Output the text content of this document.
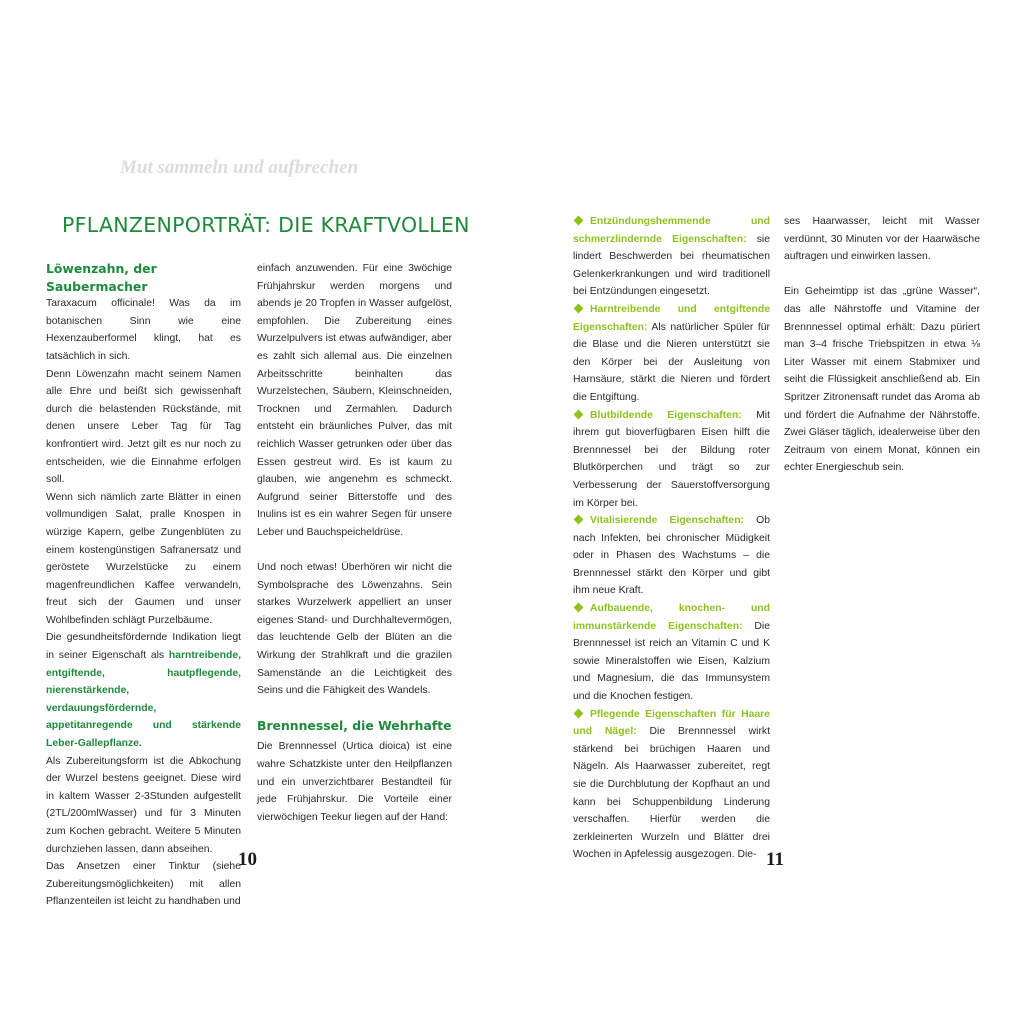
Mut sammeln und aufbrechen
PFLANZENPORTRÄT: DIE KRAFTVOLLEN
Löwenzahn, der Saubermacher

Taraxacum officinale! Was da im botanischen Sinn wie eine Hexenzauberformel klingt, hat es tatsächlich in sich.

Denn Löwenzahn macht seinem Namen alle Ehre und beißt sich gewissenhaft durch die belastenden Rückstände, mit denen unsere Leber Tag für Tag konfrontiert wird. Jetzt gilt es nur noch zu entscheiden, wie die Einnahme erfolgen soll.

Wenn sich nämlich zarte Blätter in einen vollmundigen Salat, pralle Knospen in würzige Kapern, gelbe Zungenblüten zu einem kostengünstigen Safranersatz und geröstete Wurzelstücke zu einem magenfreundlichen Kaffee verwandeln, freut sich der Gaumen und unser Wohlbefinden schlägt Purzelbäume.

Die gesundheitsfördernde Indikation liegt in seiner Eigenschaft als harntreibende, entgiftende, hautpflegende, nierenstärkende, verdauungsfördernde, appetitanregende und stärkende Leber-Gallepflanze.

Als Zubereitungsform ist die Abkochung der Wurzel bestens geeignet. Diese wird in kaltem Wasser 2-3Stunden aufgestellt (2TL/200mlWasser) und für 3 Minuten zum Kochen gebracht. Weitere 5 Minuten durchziehen lassen, dann abseihen.

Das Ansetzen einer Tinktur (siehe Zubereitungsmöglichkeiten) mit allen Pflanzenteilen ist leicht zu handhaben und

einfach anzuwenden. Für eine 3wöchige Frühjahrskur werden morgens und abends je 20 Tropfen in Wasser aufgelöst, empfohlen. Die Zubereitung eines Wurzelpulvers ist etwas aufwändiger, aber es zahlt sich allemal aus. Die einzelnen Arbeitsschritte beinhalten das Wurzelstechen, Säubern, Kleinschneiden, Trocknen und Zermahlen. Dadurch entsteht ein bräunliches Pulver, das mit reichlich Wasser getrunken oder über das Essen gestreut wird. Es ist kaum zu glauben, wie angenehm es schmeckt. Aufgrund seiner Bitterstoffe und des Inulins ist es ein wahrer Segen für unsere Leber und Bauchspeicheldrüse.

Und noch etwas! Überhören wir nicht die Symbolsprache des Löwenzahns. Sein starkes Wurzelwerk appelliert an unser eigenes Stand- und Durchhaltevermögen, das leuchtende Gelb der Blüten an die Wirkung der Strahlkraft und die grazilen Samenstände an die Leichtigkeit des Seins und die Fähigkeit des Wandels.

Brennnessel, die Wehrhafte

Die Brennnessel (Urtica dioica) ist eine wahre Schatzkiste unter den Heilpflanzen und ein unverzichtbarer Bestandteil für jede Frühjahrskur. Die Vorteile einer vierwöchigen Teekur liegen auf der Hand:

Entzündungshemmende und schmerzlindernde Eigenschaften: sie lindert Beschwerden bei rheumatischen Gelenkerkrankungen und wird traditionell bei Entzündungen eingesetzt.

Harntreibende und entgiftende Eigenschaften: Als natürlicher Spüler für die Blase und die Nieren unterstützt sie den Körper bei der Ausleitung von Harnsäure, stärkt die Nieren und fördert die Entgiftung.

Blutbildende Eigenschaften: Mit ihrem gut bioverfügbaren Eisen hilft die Brennnessel bei der Bildung roter Blutkörperchen und trägt so zur Verbesserung der Sauerstoffversorgung im Körper bei.

Vitalisierende Eigenschaften: Ob nach Infekten, bei chronischer Müdigkeit oder in Phasen des Wachstums – die Brennnessel stärkt den Körper und gibt ihm neue Kraft.

Aufbauende, knochen- und immunstärkende Eigenschaften: Die Brennnessel ist reich an Vitamin C und K sowie Mineralstoffen wie Eisen, Kalzium und Magnesium, die das Immunsystem und die Knochen festigen.

Pflegende Eigenschaften für Haare und Nägel: Die Brennnessel wirkt stärkend bei brüchigen Haaren und Nägeln. Als Haarwasser zubereitet, regt sie die Durchblutung der Kopfhaut an und kann bei Schuppenbildung Linderung verschaffen. Hierfür werden die zerkleinerten Wurzeln und Blätter drei Wochen in Apfelessig ausgezogen. Die-

ses Haarwasser, leicht mit Wasser verdünnt, 30 Minuten vor der Haarwäsche auftragen und einwirken lassen.

Ein Geheimtipp ist das „grüne Wasser“, das alle Nährstoffe und Vitamine der Brennnessel optimal erhält: Dazu püriert man 3–4 frische Triebspitzen in etwa ⅛ Liter Wasser mit einem Stabmixer und seiht die Flüssigkeit anschließend ab. Ein Spritzer Zitronensaft rundet das Aroma ab und fördert die Aufnahme der Nährstoffe. Zwei Gläser täglich, idealerweise über den Zeitraum von einem Monat, können ein echter Energieschub sein.

10	11
